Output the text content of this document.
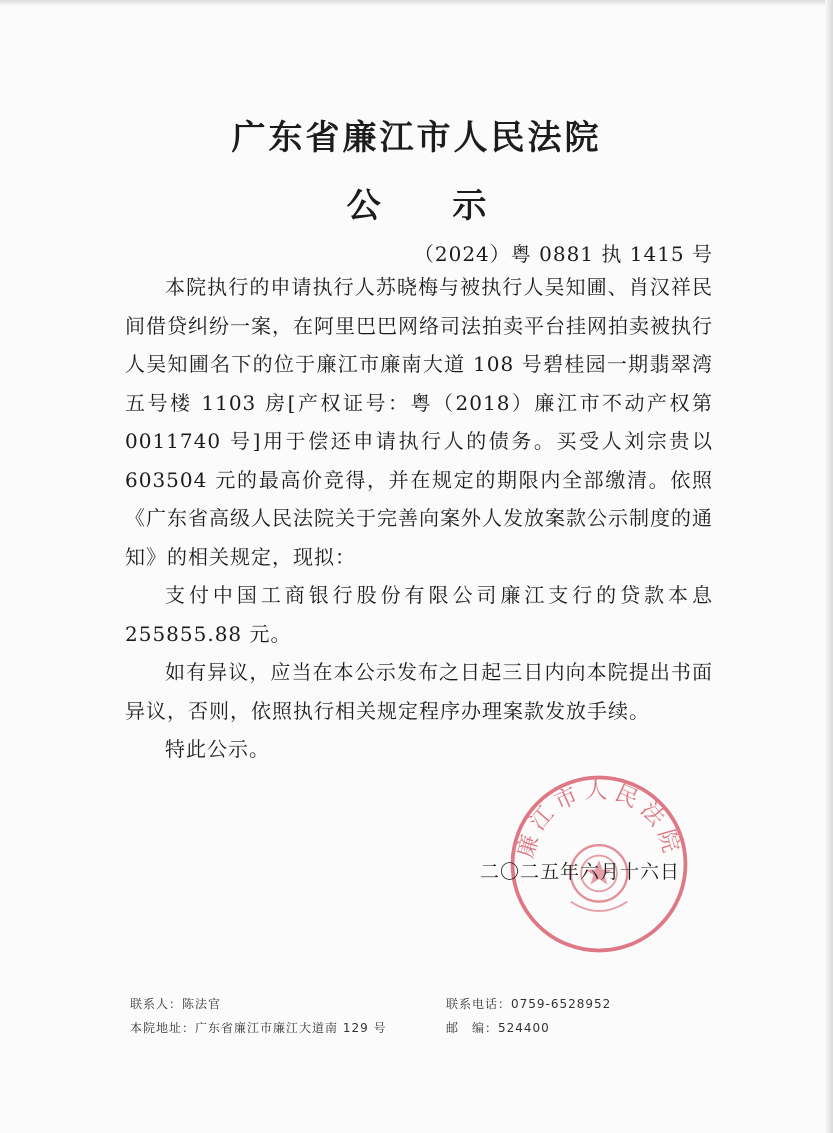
广东省廉江市人民法院
公 示
（2024）粤 0881 执 1415 号

本院执行的申请执行人苏晓梅与被执行人吴知圃、肖汉祥民间借贷纠纷一案，在阿里巴巴网络司法拍卖平台挂网拍卖被执行人吴知圃名下的位于廉江市廉南大道 108 号碧桂园一期翡翠湾五号楼 1103 房[产权证号：粤（2018）廉江市不动产权第 0011740 号]用于偿还申请执行人的债务。买受人刘宗贵以 603504 元的最高价竞得，并在规定的期限内全部缴清。依照《广东省高级人民法院关于完善向案外人发放案款公示制度的通知》的相关规定，现拟：

支付中国工商银行股份有限公司廉江支行的贷款本息 255855.88 元。

如有异议，应当在本公示发布之日起三日内向本院提出书面异议，否则，依照执行相关规定程序办理案款发放手续。

特此公示。

廉江市人民法院
二〇二五年六月十六日
联系人：陈法官	联系电话：0759-6528952
本院地址：广东省廉江市廉江大道南 129 号	邮　编：524400
